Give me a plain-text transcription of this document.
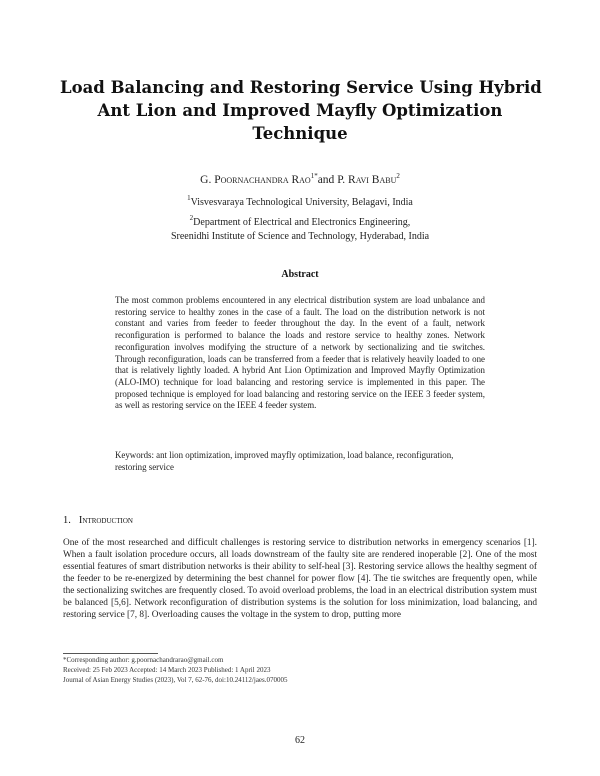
Load Balancing and Restoring Service Using Hybrid
Ant Lion and Improved Mayfly Optimization
Technique
G. Poornachandra Rao$^{1*}$and P. Ravi Babu$^2$
$^1$Visvesvaraya Technological University, Belagavi, India
$^2$Department of Electrical and Electronics Engineering,
Sreenidhi Institute of Science and Technology, Hyderabad, India
Abstract
The most common problems encountered in any electrical distribution system are load unbalance and restoring service to healthy zones in the case of a fault. The load on the distribution network is not constant and varies from feeder to feeder throughout the day. In the event of a fault, network reconfiguration is performed to balance the loads and restore service to healthy zones. Network reconfiguration involves modifying the structure of a network by sectionalizing and tie switches. Through reconfiguration, loads can be transferred from a feeder that is relatively heavily loaded to one that is relatively lightly loaded. A hybrid Ant Lion Optimization and Improved Mayfly Optimization (ALO-IMO) technique for load balancing and restoring service is implemented in this paper. The proposed technique is employed for load balancing and restoring service on the IEEE 3 feeder system, as well as restoring service on the IEEE 4 feeder system.
Keywords: ant lion optimization, improved mayfly optimization, load balance, reconfiguration, restoring service
1. Introduction
One of the most researched and difficult challenges is restoring service to distribution networks in emergency scenarios [1]. When a fault isolation procedure occurs, all loads downstream of the faulty site are rendered inoperable [2]. One of the most essential features of smart distribution networks is their ability to self-heal [3]. Restoring service allows the healthy segment of the feeder to be re-energized by determining the best channel for power flow [4]. The tie switches are frequently open, while the sectionalizing switches are frequently closed. To avoid overload problems, the load in an electrical distribution system must be balanced [5,6]. Network reconfiguration of distribution systems is the solution for loss minimization, load balancing, and restoring service [7, 8]. Overloading causes the voltage in the system to drop, putting more
*Corresponding author: g.poornachandrarao@gmail.com
Received: 25 Feb 2023 Accepted: 14 March 2023 Published: 1 April 2023
Journal of Asian Energy Studies (2023), Vol 7, 62-76, doi:10.24112/jaes.070005
62
